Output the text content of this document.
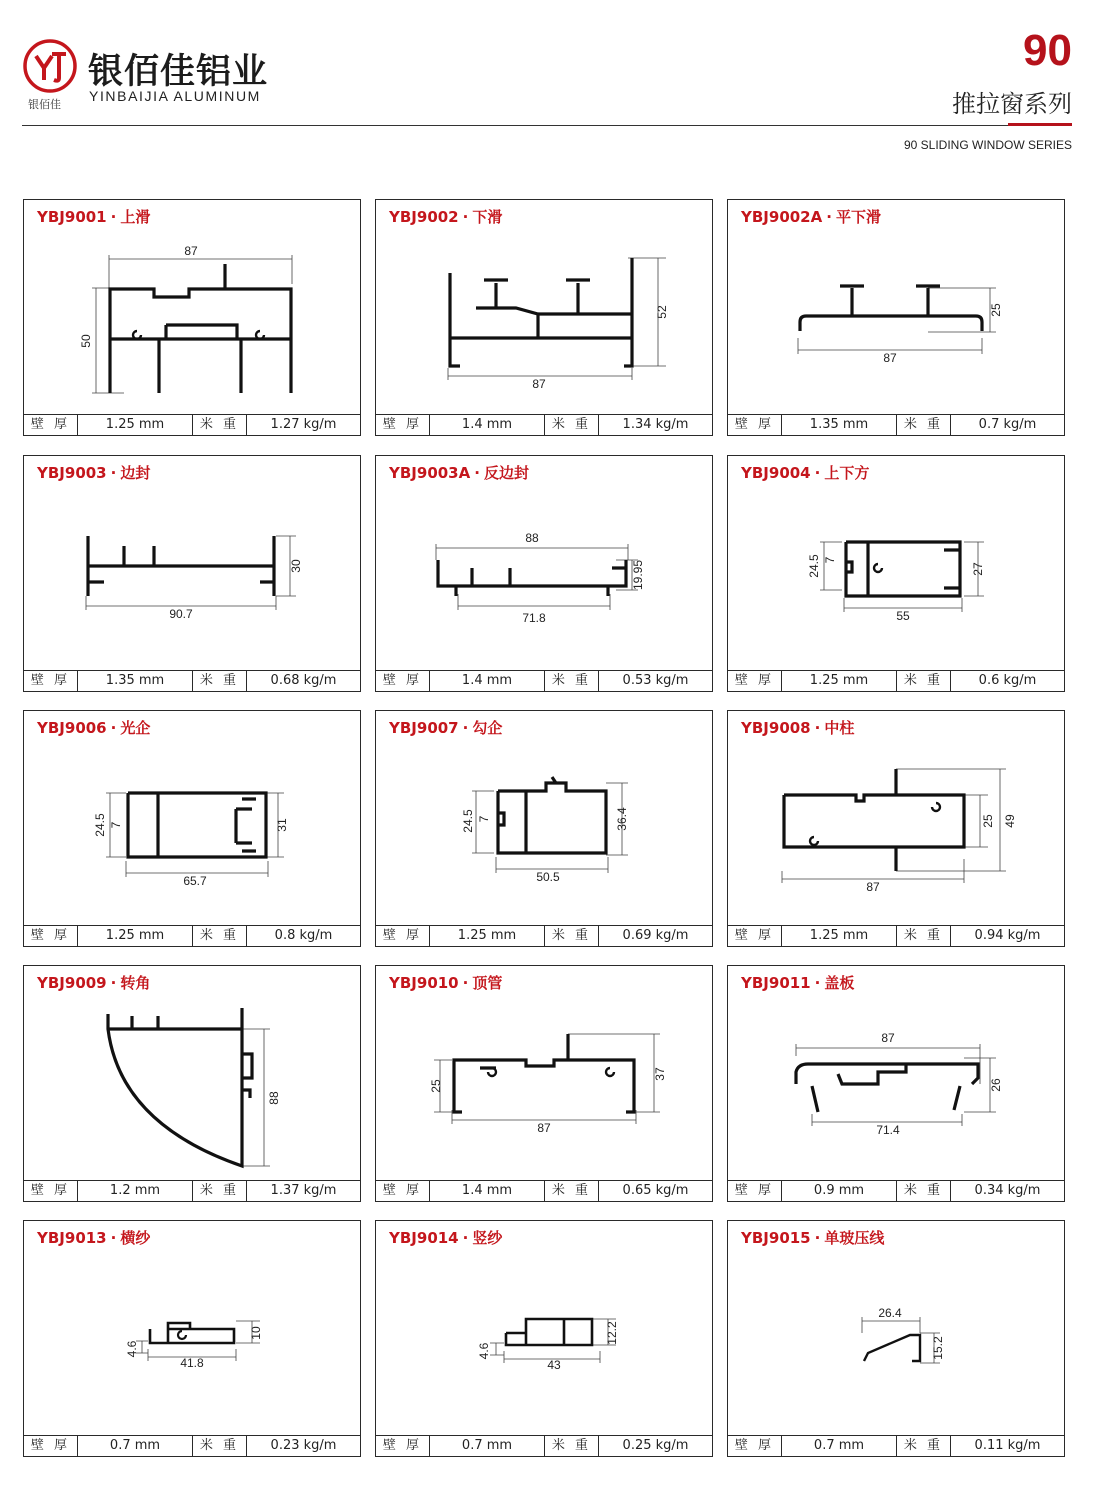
银佰佳
银佰佳铝业
YINBAIJIA ALUMINUM
90
推拉窗系列
90 SLIDING WINDOW SERIES
YBJ9001 · 上滑
87
50
壁 厚	1.25 mm	米 重	1.27 kg/m
YBJ9002 · 下滑
87
52
壁 厚	1.4 mm	米 重	1.34 kg/m
YBJ9002A · 平下滑
87
25
壁 厚	1.35 mm	米 重	0.7 kg/m
YBJ9003 · 边封
90.7
30
壁 厚	1.35 mm	米 重	0.68 kg/m
YBJ9003A · 反边封
88
71.8
19.95
壁 厚	1.4 mm	米 重	0.53 kg/m
YBJ9004 · 上下方
55
24.5 7
27
壁 厚	1.25 mm	米 重	0.6 kg/m
YBJ9006 · 光企
65.7
24.5 7	31
壁 厚	1.25 mm	米 重	0.8 kg/m
YBJ9007 · 勾企
50.5
24.5 7	36.4
壁 厚	1.25 mm	米 重	0.69 kg/m
YBJ9008 · 中柱
87
25 49
壁 厚	1.25 mm	米 重	0.94 kg/m
YBJ9009 · 转角
88
壁 厚	1.2 mm	米 重	1.37 kg/m
YBJ9010 · 顶管
87
25
37
壁 厚	1.4 mm	米 重	0.65 kg/m
YBJ9011 · 盖板
87
71.4
26
壁 厚	0.9 mm	米 重	0.34 kg/m
YBJ9013 · 横纱
41.8
4.6
10
壁 厚	0.7 mm	米 重	0.23 kg/m
YBJ9014 · 竖纱
43
4.6
12.2
壁 厚	0.7 mm	米 重	0.25 kg/m
YBJ9015 · 单玻压线
26.4
15.2
壁 厚	0.7 mm	米 重	0.11 kg/m
